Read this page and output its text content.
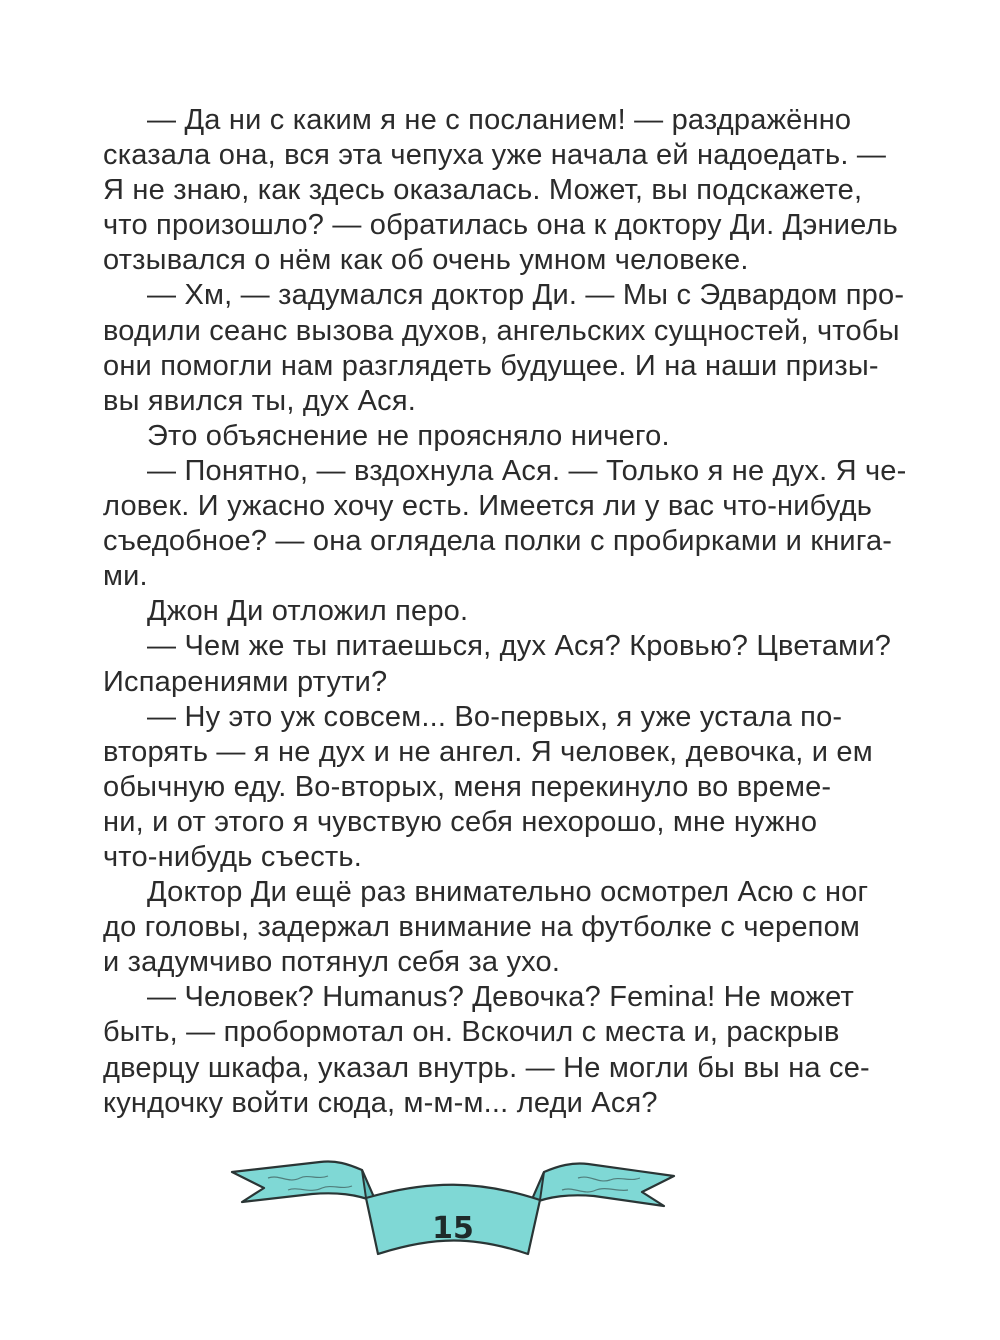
— Да ни с каким я не с посланием! — раздражённо
сказала она, вся эта чепуха уже начала ей надоедать. —
Я не знаю, как здесь оказалась. Может, вы подскажете,
что произошло? — обратилась она к доктору Ди. Дэниель
отзывался о нём как об очень умном человеке.
— Хм, — задумался доктор Ди. — Мы с Эдвардом про-
водили сеанс вызова духов, ангельских сущностей, чтобы
они помогли нам разглядеть будущее. И на наши призы-
вы явился ты, дух Ася.
Это объяснение не проясняло ничего.
— Понятно, — вздохнула Ася. — Только я не дух. Я че-
ловек. И ужасно хочу есть. Имеется ли у вас что-нибудь
съедобное? — она оглядела полки с пробирками и книга-
ми.
Джон Ди отложил перо.
— Чем же ты питаешься, дух Ася? Кровью? Цветами?
Испарениями ртути?
— Ну это уж совсем... Во-первых, я уже устала по-
вторять — я не дух и не ангел. Я человек, девочка, и ем
обычную еду. Во-вторых, меня перекинуло во време-
ни, и от этого я чувствую себя нехорошо, мне нужно
что-нибудь съесть.
Доктор Ди ещё раз внимательно осмотрел Асю с ног
до головы, задержал внимание на футболке с черепом
и задумчиво потянул себя за ухо.
— Человек? Humanus? Девочка? Femina! Не может
быть, — пробормотал он. Вскочил с места и, раскрыв
дверцу шкафа, указал внутрь. — Не могли бы вы на се-
кундочку войти сюда, м-м-м... леди Ася?
15
